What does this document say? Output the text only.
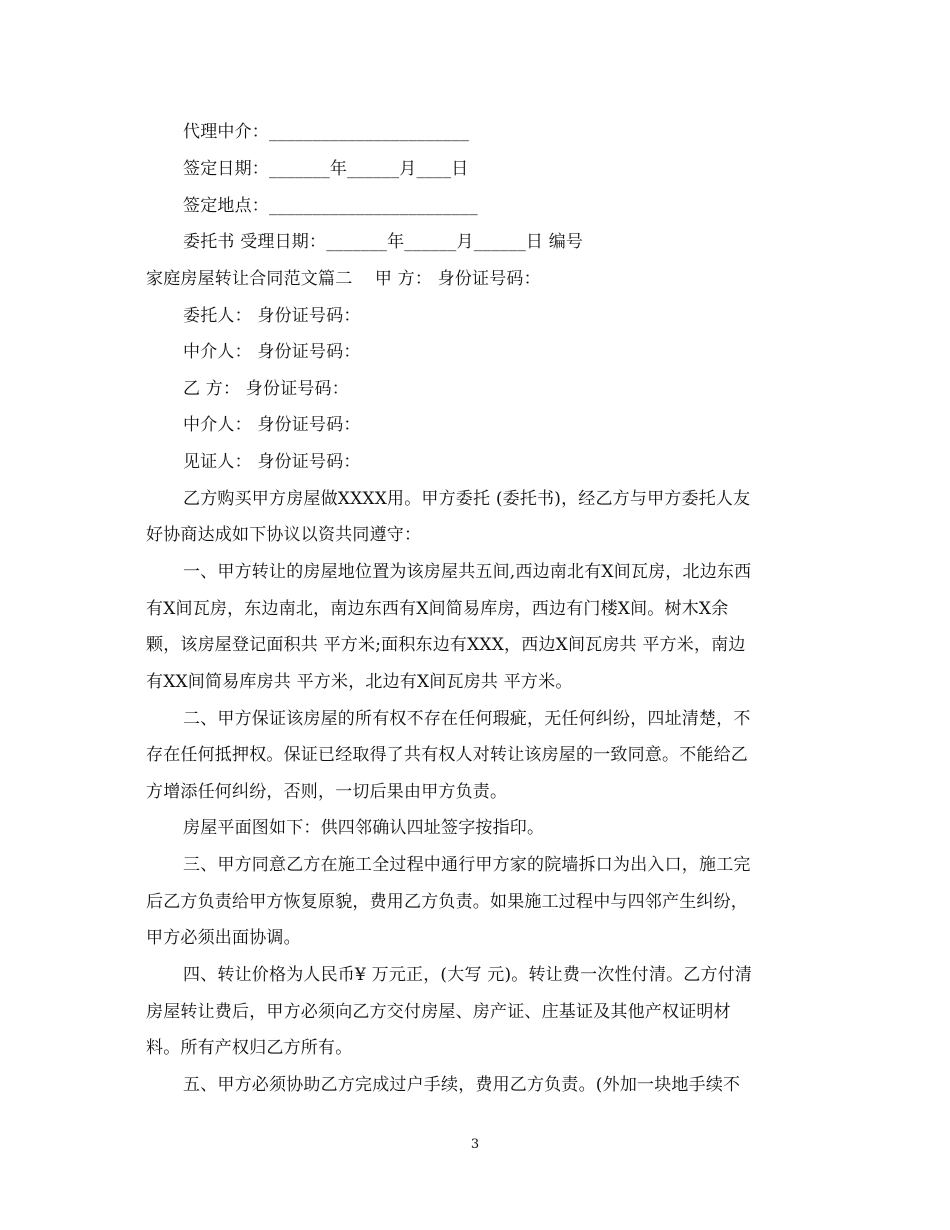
代理中介：_______________________
签定日期：_______年______月____日
签定地点：________________________
委托书 受理日期：_______年______月______日 编号
家庭房屋转让合同范文篇二    甲 方： 身份证号码：
委托人： 身份证号码：
中介人： 身份证号码：
乙 方： 身份证号码：
中介人： 身份证号码：
见证人： 身份证号码：
乙方购买甲方房屋做XXXX用。甲方委托 (委托书)，经乙方与甲方委托人友
好协商达成如下协议以资共同遵守：
一、甲方转让的房屋地位置为该房屋共五间,西边南北有X间瓦房，北边东西
有X间瓦房，东边南北，南边东西有X间简易库房，西边有门楼X间。树木X余
颗，该房屋登记面积共 平方米;面积东边有XXX，西边X间瓦房共 平方米，南边
有XX间简易库房共 平方米，北边有X间瓦房共 平方米。
二、甲方保证该房屋的所有权不存在任何瑕疵，无任何纠纷，四址清楚，不
存在任何抵押权。保证已经取得了共有权人对转让该房屋的一致同意。不能给乙
方增添任何纠纷，否则，一切后果由甲方负责。
房屋平面图如下：供四邻确认四址签字按指印。
三、甲方同意乙方在施工全过程中通行甲方家的院墙拆口为出入口，施工完
后乙方负责给甲方恢复原貌，费用乙方负责。如果施工过程中与四邻产生纠纷，
甲方必须出面协调。
四、转让价格为人民币¥ 万元正，(大写 元)。转让费一次性付清。乙方付清
房屋转让费后，甲方必须向乙方交付房屋、房产证、庄基证及其他产权证明材
料。所有产权归乙方所有。
五、甲方必须协助乙方完成过户手续，费用乙方负责。(外加一块地手续不
3
